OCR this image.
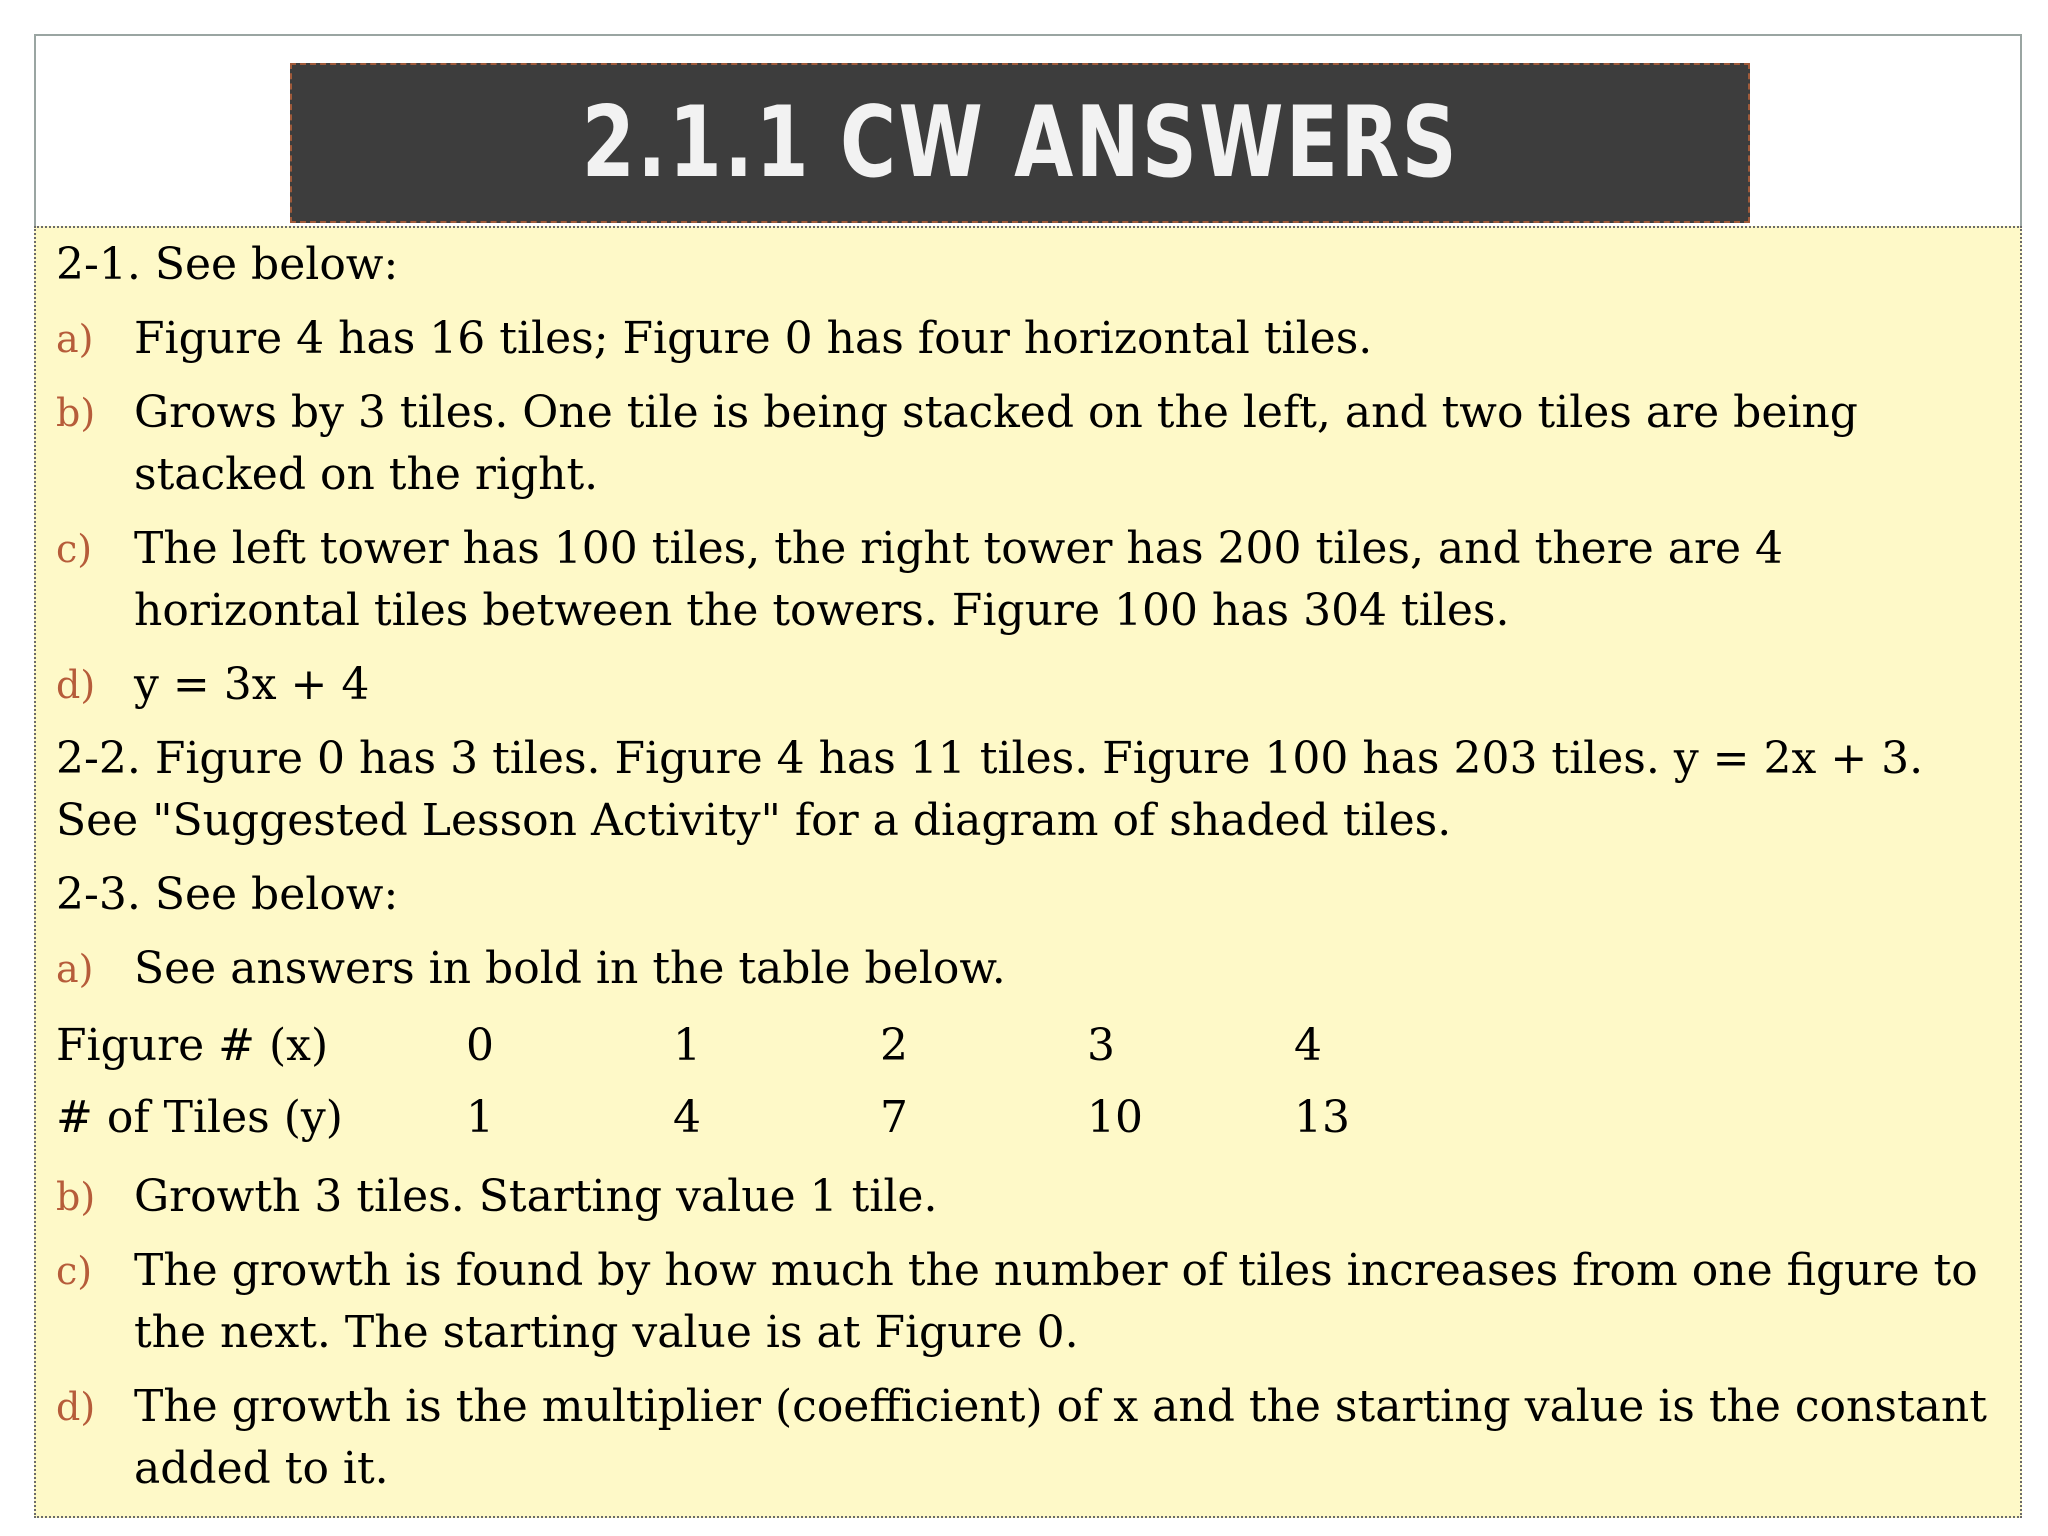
2.1.1 CW ANSWERS

2-1. See below:

a) Figure 4 has 16 tiles; Figure 0 has four horizontal tiles.
b) Grows by 3 tiles. One tile is being stacked on the left, and two tiles are being stacked on the right.
c) The left tower has 100 tiles, the right tower has 200 tiles, and there are 4 horizontal tiles between the towers. Figure 100 has 304 tiles.
d) y = 3x + 4

2-2. Figure 0 has 3 tiles. Figure 4 has 11 tiles. Figure 100 has 203 tiles. y = 2x + 3. See "Suggested Lesson Activity" for a diagram of shaded tiles.

2-3. See below:

a) See answers in bold in the table below.
Figure # (x)	0	1	2	3	4
# of Tiles (y)	1	4	7	10	13
b) Growth 3 tiles. Starting value 1 tile.
c) The growth is found by how much the number of tiles increases from one figure to the next. The starting value is at Figure 0.
d) The growth is the multiplier (coefficient) of x and the starting value is the constant added to it.
